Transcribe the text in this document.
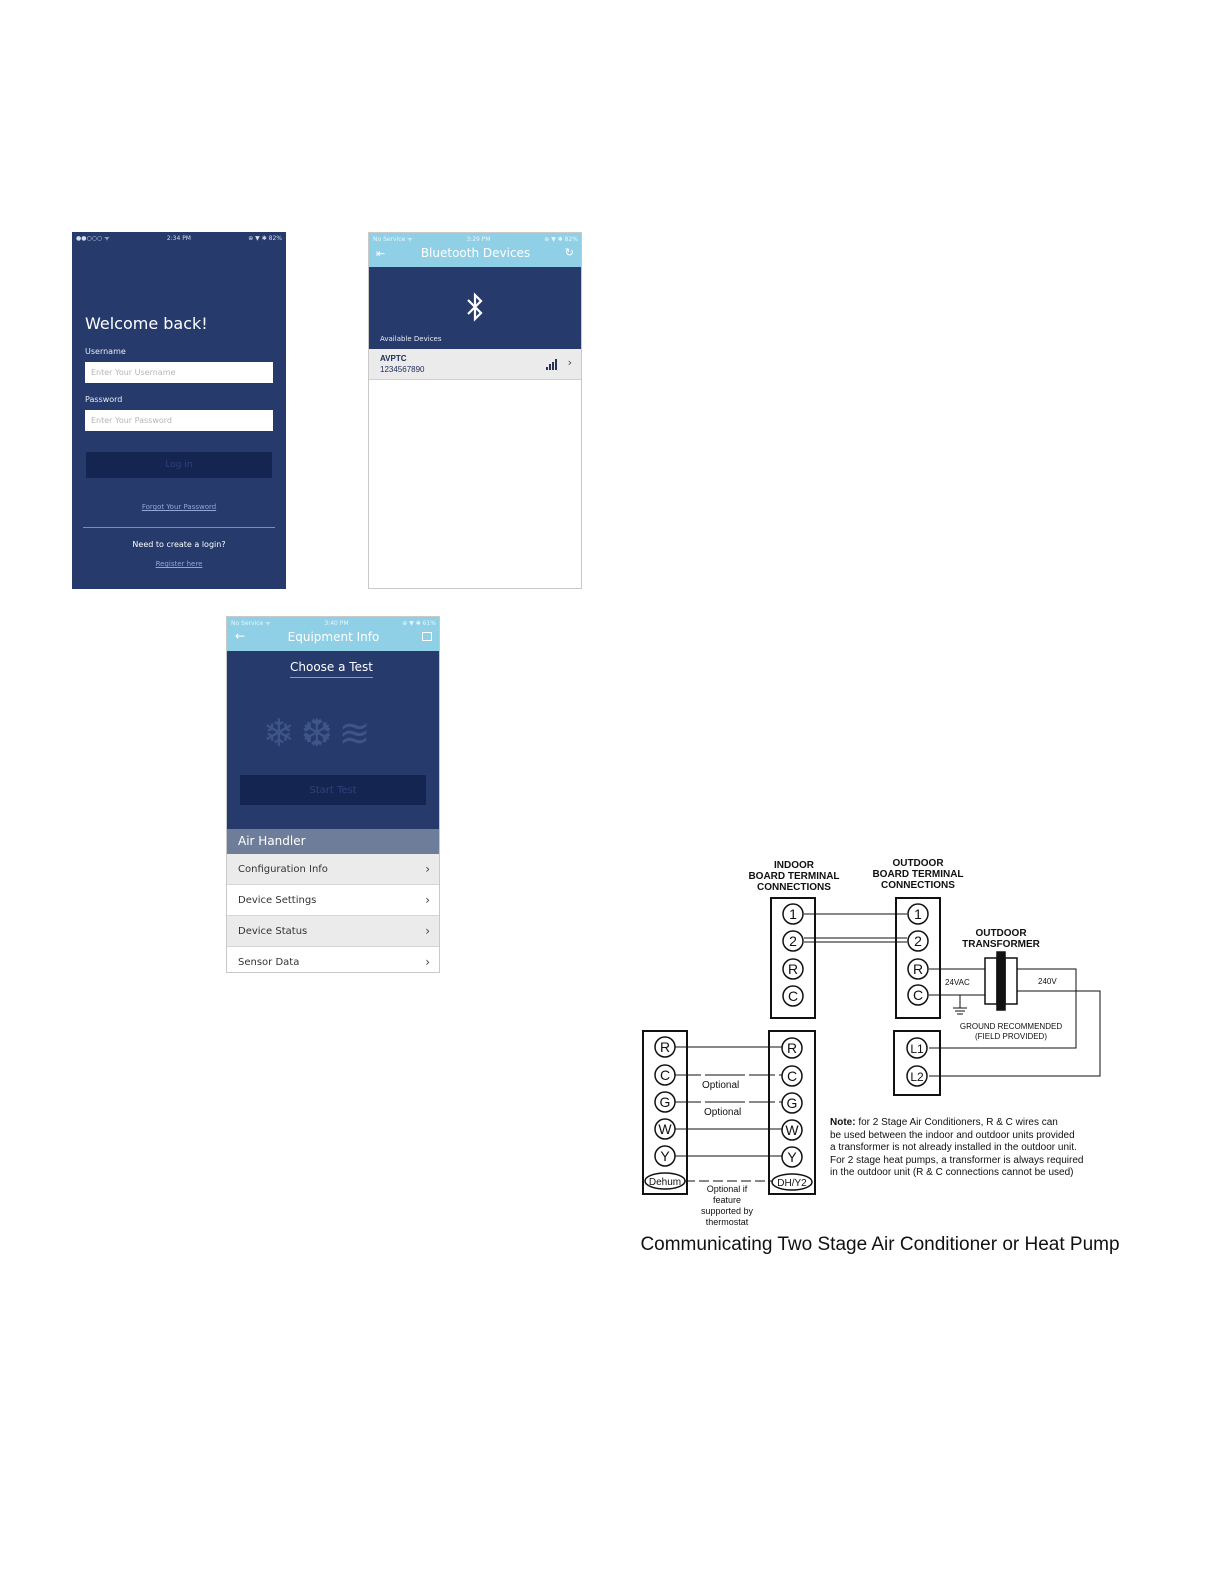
●●○○○ ᯤ	2:34 PM	⊕ ▼ ✱ 82%
Welcome back!
Username
Enter Your Username
Password
Log in
Forgot Your Password
Need to create a login?
Register here
No Service ᯤ	3:29 PM	⊕ ▼ ✱ 82%
⇤	Bluetooth Devices	↻
Available Devices
AVPTC
1234567890
›
No Service ᯤ	3:40 PM	⊕ ▼ ✱ 61%
←	Equipment Info
Choose a Test
❄❆≋
Start Test
Air Handler
Configuration Info	›
Device Settings	›
Device Status	›
Sensor Data	›
INDOOR
BOARD TERMINAL
CONNECTIONS
OUTDOOR
BOARD TERMINAL
CONNECTIONS
OUTDOOR
TRANSFORMER
24VAC	240V
GROUND RECOMMENDED
(FIELD PROVIDED)
1
2
R
C
1
2
R
C
L1
L2
R
C
G
W
Y
Dehum
R
C
G
W
Y
DH/Y2
Optional
Optional
Optional if
feature
supported by
thermostat
Note: for 2 Stage Air Conditioners, R & C wires can
be used between the indoor and outdoor units provided
a transformer is not already installed in the outdoor unit.
For 2 stage heat pumps, a transformer is always required
in the outdoor unit (R & C connections cannot be used)
Communicating Two Stage Air Conditioner or Heat Pump
